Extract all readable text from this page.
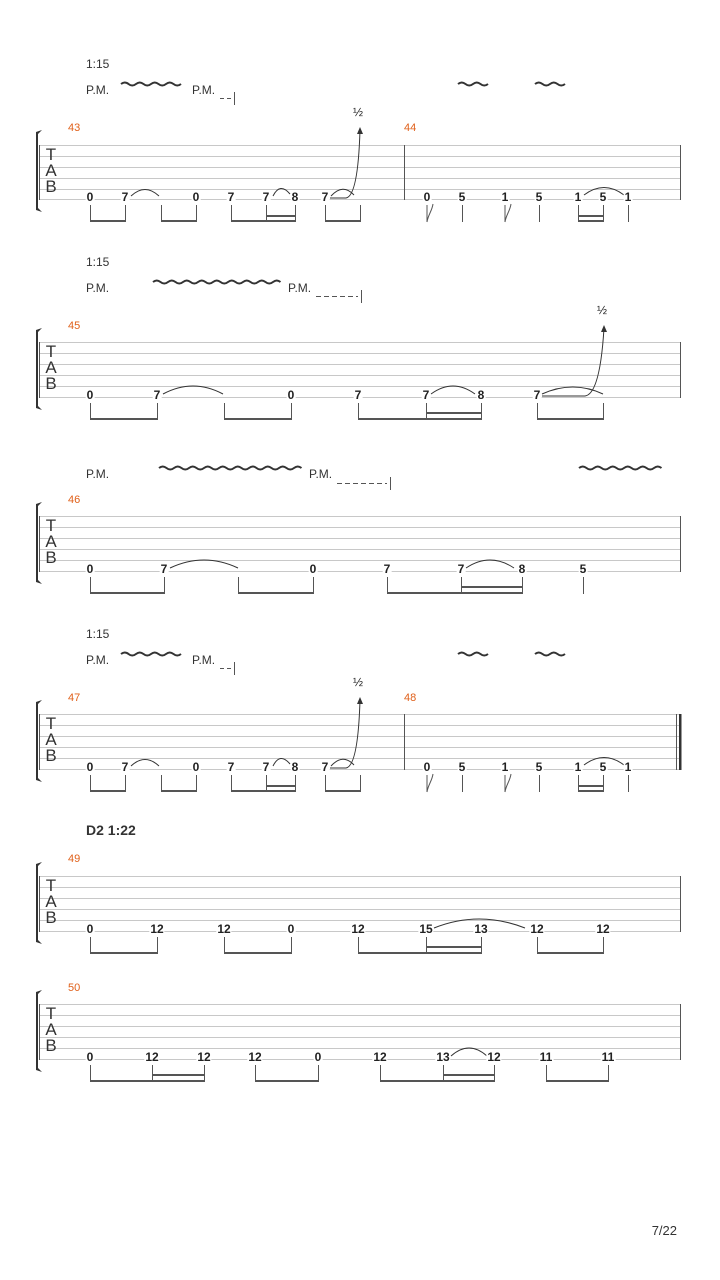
1:15
P.M.	P.M.
½
43	44
T
A
B
0 7	0 7 7 8 7	0 5	1 5	1 5 1
1:15
P.M.	P.M.
½
45
T
A
B
0	7	0	7	7	8	7
P.M.	P.M.
46
T
A
B
0	7	0	7	7	8	5
1:15
P.M.	P.M.
½
47	48
T
A
B
0 7	0 7 7 8 7	0 5	1 5	1 5 1
D2 1:22
49
T
A
B
0	12	12	0	12	15	13	12	12
50
T
A
B
0	12	12	12	0	12	13	12	11	11
7/22
